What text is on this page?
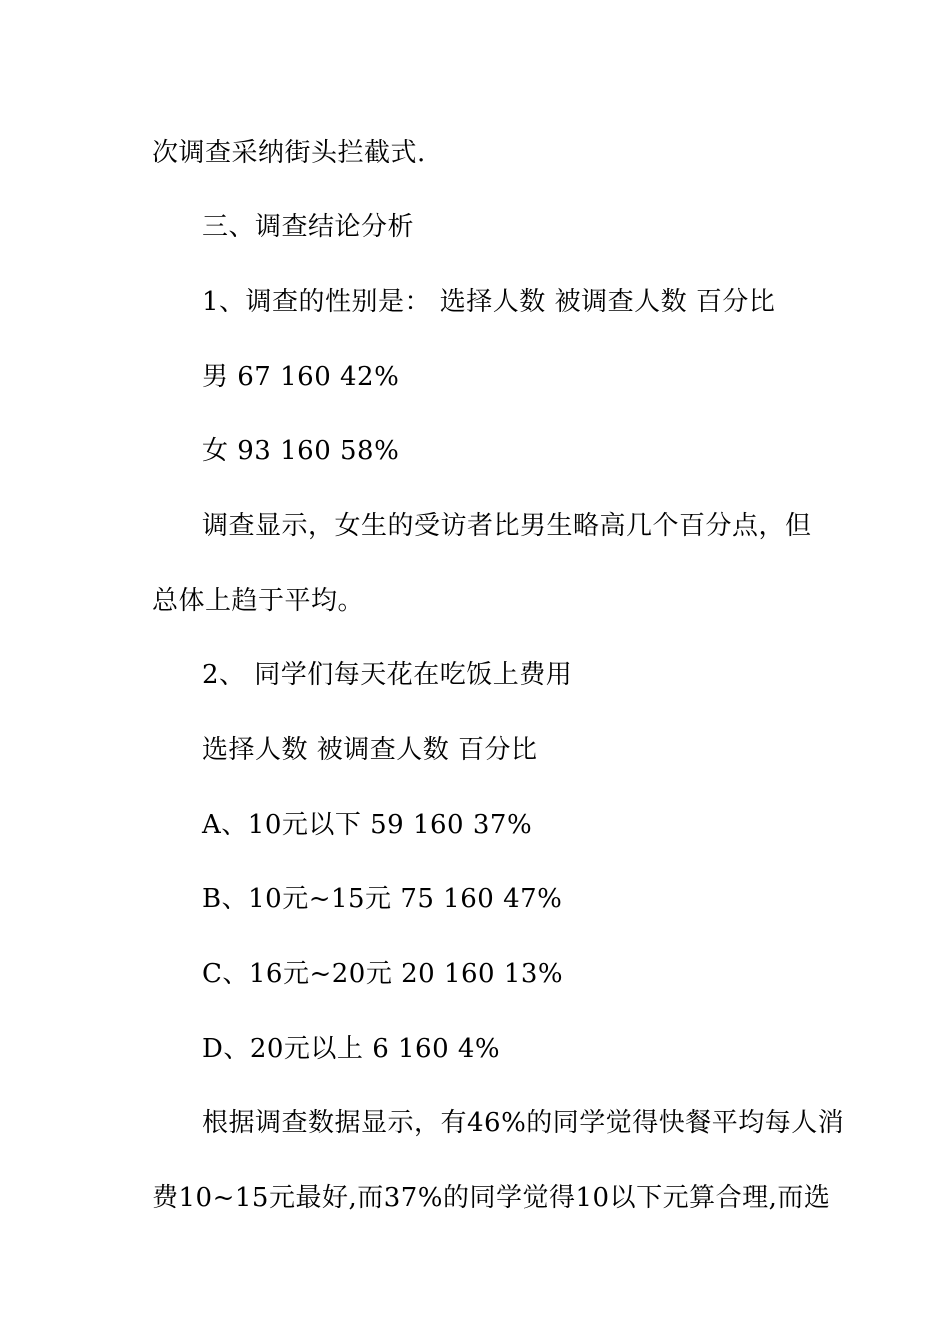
次调查采纳街头拦截式.
三、调查结论分析
1、调查的性别是： 选择人数 被调查人数 百分比
男 67 160 42%
女 93 160 58%
调查显示，女生的受访者比男生略高几个百分点，但
总体上趋于平均。
2、 同学们每天花在吃饭上费用
选择人数 被调查人数 百分比
A、10元以下 59 160 37%
B、10元~15元 75 160 47%
C、16元~20元 20 160 13%
D、20元以上 6 160 4%
根据调查数据显示，有46%的同学觉得快餐平均每人消
费10~15元最好,而37%的同学觉得10以下元算合理,而选
